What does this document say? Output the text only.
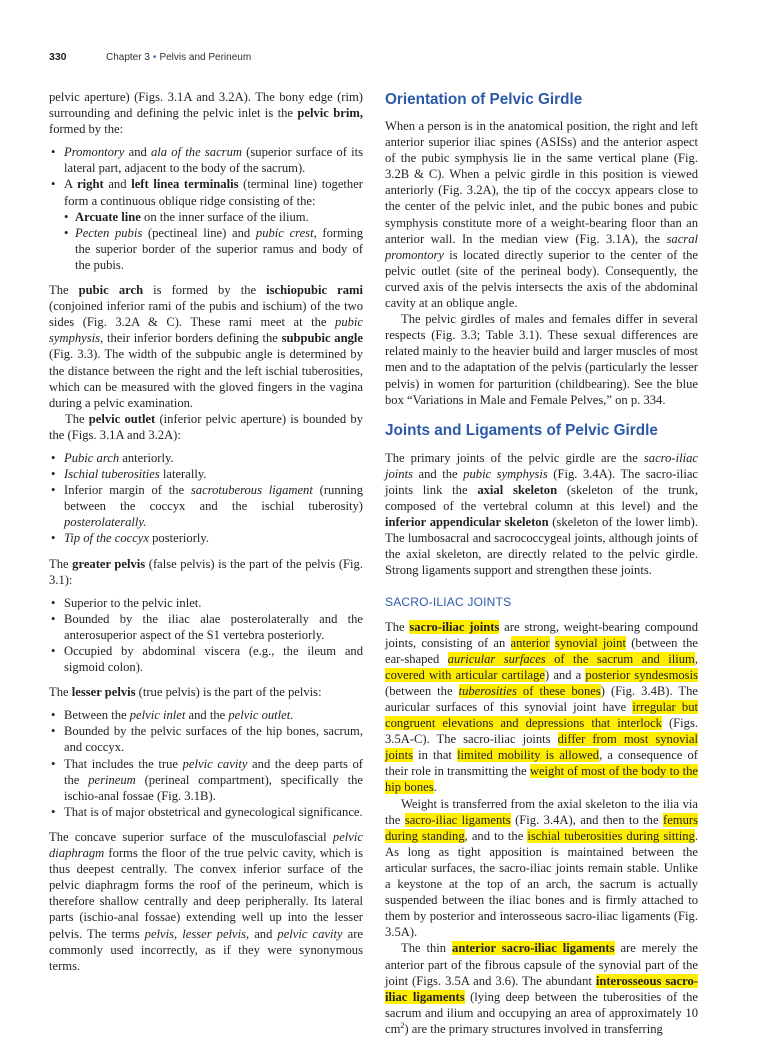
330	Chapter 3 • Pelvis and Perineum

pelvic aperture) (Figs. 3.1A and 3.2A). The bony edge (rim) surrounding and defining the pelvic inlet is the pelvic brim, formed by the:

• Promontory and ala of the sacrum (superior surface of its lateral part, adjacent to the body of the sacrum).
• A right and left linea terminalis (terminal line) together form a continuous oblique ridge consisting of the:
• Arcuate line on the inner surface of the ilium.
• Pecten pubis (pectineal line) and pubic crest, forming the superior border of the superior ramus and body of the pubis.

The pubic arch is formed by the ischiopubic rami (conjoined inferior rami of the pubis and ischium) of the two sides (Fig. 3.2A & C). These rami meet at the pubic symphysis, their inferior borders defining the subpubic angle (Fig. 3.3). The width of the subpubic angle is determined by the distance between the right and the left ischial tuberosities, which can be measured with the gloved fingers in the vagina during a pelvic examination.

The pelvic outlet (inferior pelvic aperture) is bounded by the (Figs. 3.1A and 3.2A):

• Pubic arch anteriorly.
• Ischial tuberosities laterally.
• Inferior margin of the sacrotuberous ligament (running between the coccyx and the ischial tuberosity) posterolaterally.
• Tip of the coccyx posteriorly.

The greater pelvis (false pelvis) is the part of the pelvis (Fig. 3.1):

• Superior to the pelvic inlet.
• Bounded by the iliac alae posterolaterally and the anterosuperior aspect of the S1 vertebra posteriorly.
• Occupied by abdominal viscera (e.g., the ileum and sigmoid colon).

The lesser pelvis (true pelvis) is the part of the pelvis:

• Between the pelvic inlet and the pelvic outlet.
• Bounded by the pelvic surfaces of the hip bones, sacrum, and coccyx.
• That includes the true pelvic cavity and the deep parts of the perineum (perineal compartment), specifically the ischio-anal fossae (Fig. 3.1B).
• That is of major obstetrical and gynecological significance.

The concave superior surface of the musculofascial pelvic diaphragm forms the floor of the true pelvic cavity, which is thus deepest centrally. The convex inferior surface of the pelvic diaphragm forms the roof of the perineum, which is therefore shallow centrally and deep peripherally. Its lateral parts (ischio-anal fossae) extending well up into the lesser pelvis. The terms pelvis, lesser pelvis, and pelvic cavity are commonly used incorrectly, as if they were synonymous terms.

Orientation of Pelvic Girdle

When a person is in the anatomical position, the right and left anterior superior iliac spines (ASISs) and the anterior aspect of the pubic symphysis lie in the same vertical plane (Fig. 3.2B & C). When a pelvic girdle in this position is viewed anteriorly (Fig. 3.2A), the tip of the coccyx appears close to the center of the pelvic inlet, and the pubic bones and pubic symphysis constitute more of a weight-bearing floor than an anterior wall. In the median view (Fig. 3.1A), the sacral promontory is located directly superior to the center of the pelvic outlet (site of the perineal body). Consequently, the curved axis of the pelvis intersects the axis of the abdominal cavity at an oblique angle.

The pelvic girdles of males and females differ in several respects (Fig. 3.3; Table 3.1). These sexual differences are related mainly to the heavier build and larger muscles of most men and to the adaptation of the pelvis (particularly the lesser pelvis) in women for parturition (childbearing). See the blue box “Variations in Male and Female Pelves,” on p. 334.

Joints and Ligaments of Pelvic Girdle

The primary joints of the pelvic girdle are the sacro-iliac joints and the pubic symphysis (Fig. 3.4A). The sacro-iliac joints link the axial skeleton (skeleton of the trunk, composed of the vertebral column at this level) and the inferior appendicular skeleton (skeleton of the lower limb). The lumbosacral and sacrococcygeal joints, although joints of the axial skeleton, are directly related to the pelvic girdle. Strong ligaments support and strengthen these joints.

SACRO-ILIAC JOINTS

The sacro-iliac joints are strong, weight-bearing compound joints, consisting of an anterior synovial joint (between the ear-shaped auricular surfaces of the sacrum and ilium, covered with articular cartilage) and a posterior syndesmosis (between the tuberosities of these bones) (Fig. 3.4B). The auricular surfaces of this synovial joint have irregular but congruent elevations and depressions that interlock (Figs. 3.5A-C). The sacro-iliac joints differ from most synovial joints in that limited mobility is allowed, a consequence of their role in transmitting the weight of most of the body to the hip bones.

Weight is transferred from the axial skeleton to the ilia via the sacro-iliac ligaments (Fig. 3.4A), and then to the femurs during standing, and to the ischial tuberosities during sitting. As long as tight apposition is maintained between the articular surfaces, the sacro-iliac joints remain stable. Unlike a keystone at the top of an arch, the sacrum is actually suspended between the iliac bones and is firmly attached to them by posterior and interosseous sacro-iliac ligaments (Fig. 3.5A).

The thin anterior sacro-iliac ligaments are merely the anterior part of the fibrous capsule of the synovial part of the joint (Figs. 3.5A and 3.6). The abundant interosseous sacro-iliac ligaments (lying deep between the tuberosities of the sacrum and ilium and occupying an area of approximately 10 $cm^2$) are the primary structures involved in transferring
